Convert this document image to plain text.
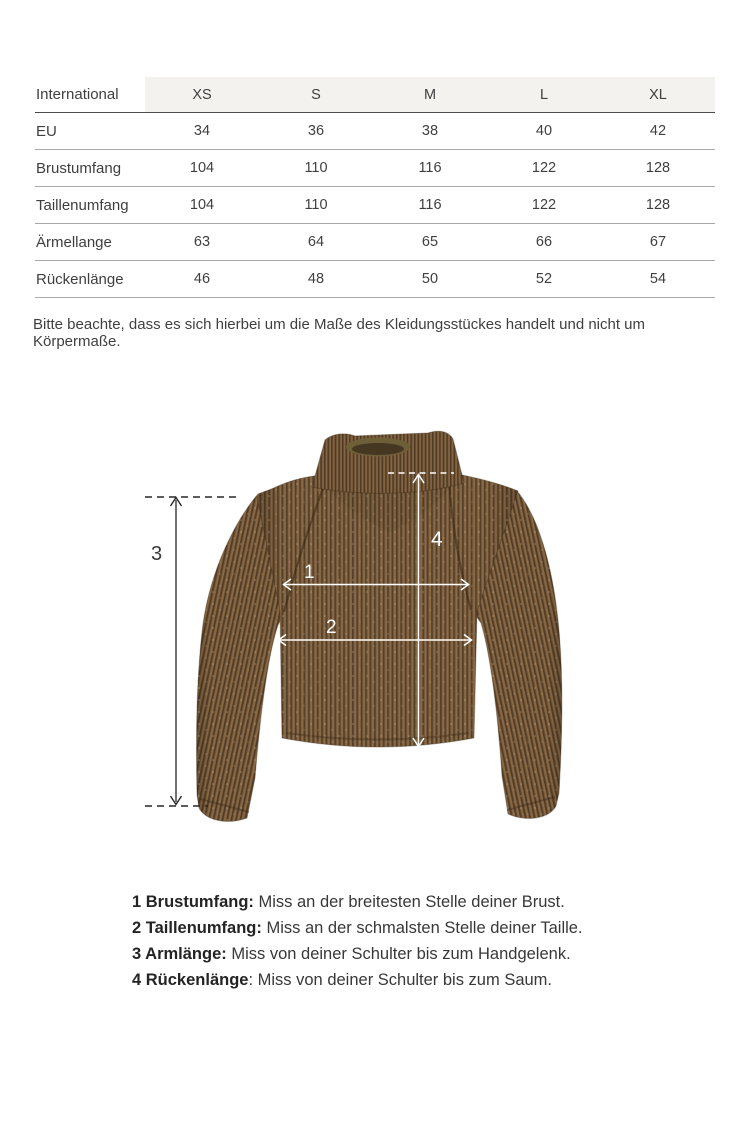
International	XS	S	M	L	XL
EU	34	36	38	40	42
Brustumfang	104	110	116	122	128
Taillenumfang	104	110	116	122	128
Ärmellange	63	64	65	66	67
Rückenlänge	46	48	50	52	54

Bitte beachte, dass es sich hierbei um die Maße des Kleidungsstückes handelt und nicht um Körpermaße.

3
4
1
2
1 Brustumfang: Miss an der breitesten Stelle deiner Brust.
2 Taillenumfang: Miss an der schmalsten Stelle deiner Taille.
3 Armlänge: Miss von deiner Schulter bis zum Handgelenk.
4 Rückenlänge: Miss von deiner Schulter bis zum Saum.
